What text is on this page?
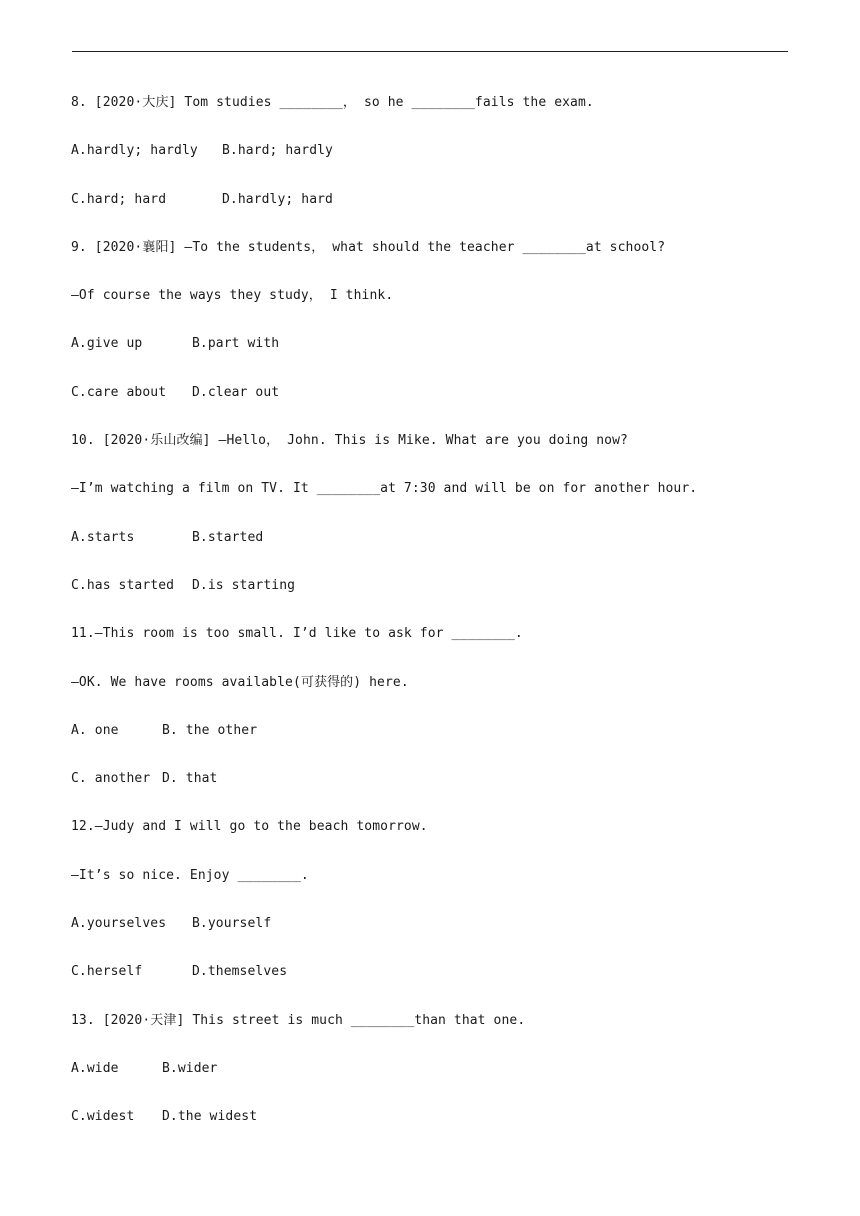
8. [2020·大庆] Tom studies ________， so he ________fails the exam.
A.hardly; hardly B.hard; hardly
C.hard; hard	D.hardly; hard
9. [2020·襄阳] —To the students， what should the teacher ________at school?
—Of course the ways they study， I think.
A.give up	B.part with
C.care about D.clear out
10. [2020·乐山改编] —Hello， John. This is Mike. What are you doing now?
—I’m watching a film on TV. It ________at 7:30 and will be on for another hour.
A.starts	B.started
C.has started D.is starting
11.—This room is too small. I’d like to ask for ________.
—OK. We have rooms available(可获得的) here.
A. one	B. the other
C. another D. that
12.—Judy and I will go to the beach tomorrow.
—It’s so nice. Enjoy ________.
A.yourselves B.yourself
C.herself	D.themselves
13. [2020·天津] This street is much ________than that one.
A.wide	B.wider
C.widest D.the widest
